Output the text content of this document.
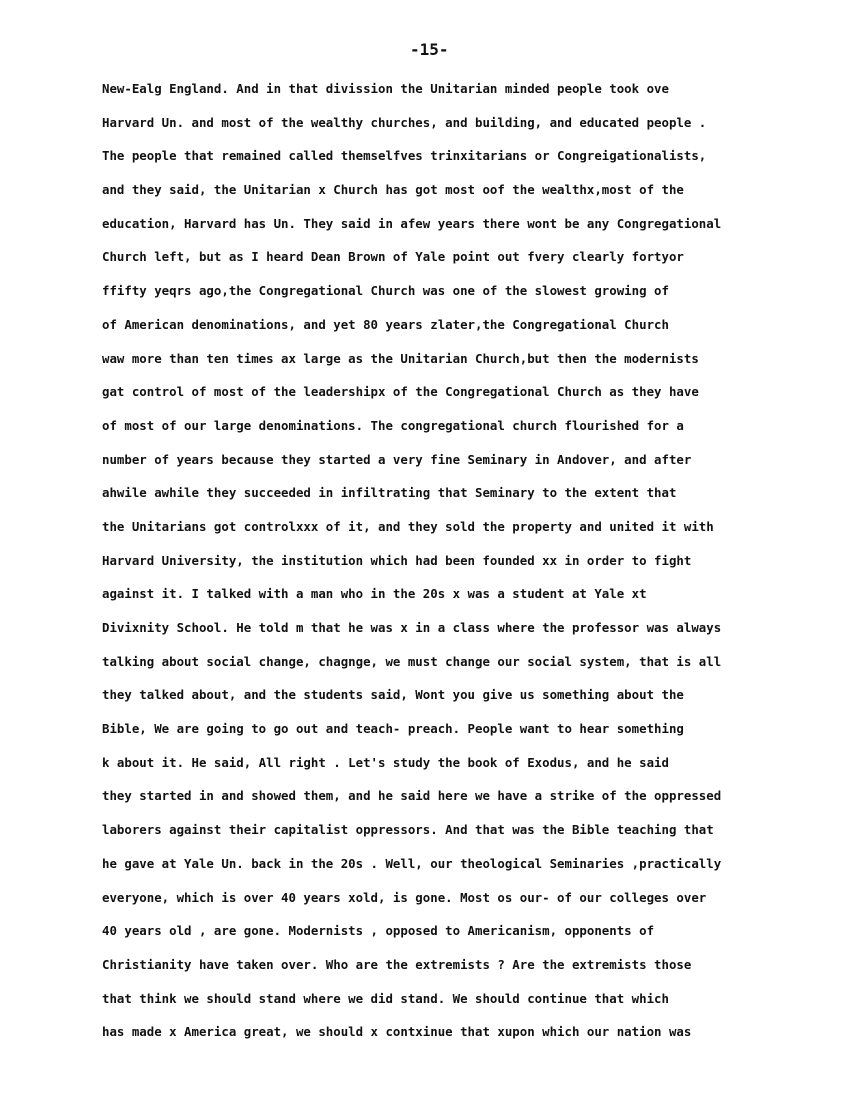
-15-
New-Ealg England. And in that divission the Unitarian minded people took ove
Harvard Un. and most of the wealthy churches, and building, and educated people .
The people that remained called themselfves trinxitarians or Congreigationalists,
and they said, the Unitarian x Church has got most oof the wealthx,most of the
education, Harvard has Un. They said in afew years there wont be any Congregational
Church left, but as I heard Dean Brown of Yale point out fvery clearly fortyor
ffifty yeqrs ago,the Congregational Church was one of the slowest growing of
of American denominations, and yet 80 years zlater,the Congregational Church
waw more than ten times ax large as the Unitarian Church,but then the modernists
gat control of most of the leadershipx of the Congregational Church as they have
of most of our large denominations. The congregational church flourished for a
number of years because they started a very fine Seminary in Andover, and after
ahwile awhile they succeeded in infiltrating that Seminary to the extent that
the Unitarians got controlxxx of it, and they sold the property and united it with
Harvard University, the institution which had been founded xx in order to fight
against it. I talked with a man who in the 20s x was a student at Yale xt
Divixnity School. He told m that he was x in a class where the professor was always
talking about social change, chagnge, we must change our social system, that is all
they talked about, and the students said, Wont you give us something about the
Bible, We are going to go out and teach- preach. People want to hear something
k about it. He said, All right . Let's study the book of Exodus, and he said
they started in and showed them, and he said here we have a strike of the oppressed
laborers against their capitalist oppressors. And that was the Bible teaching that
he gave at Yale Un. back in the 20s . Well, our theological Seminaries ,practically
everyone, which is over 40 years xold, is gone. Most os our- of our colleges over
40 years old , are gone. Modernists , opposed to Americanism, opponents of
Christianity have taken over. Who are the extremists ? Are the extremists those
that think we should stand where we did stand. We should continue that which
has made x America great, we should x contxinue that xupon which our nation was
